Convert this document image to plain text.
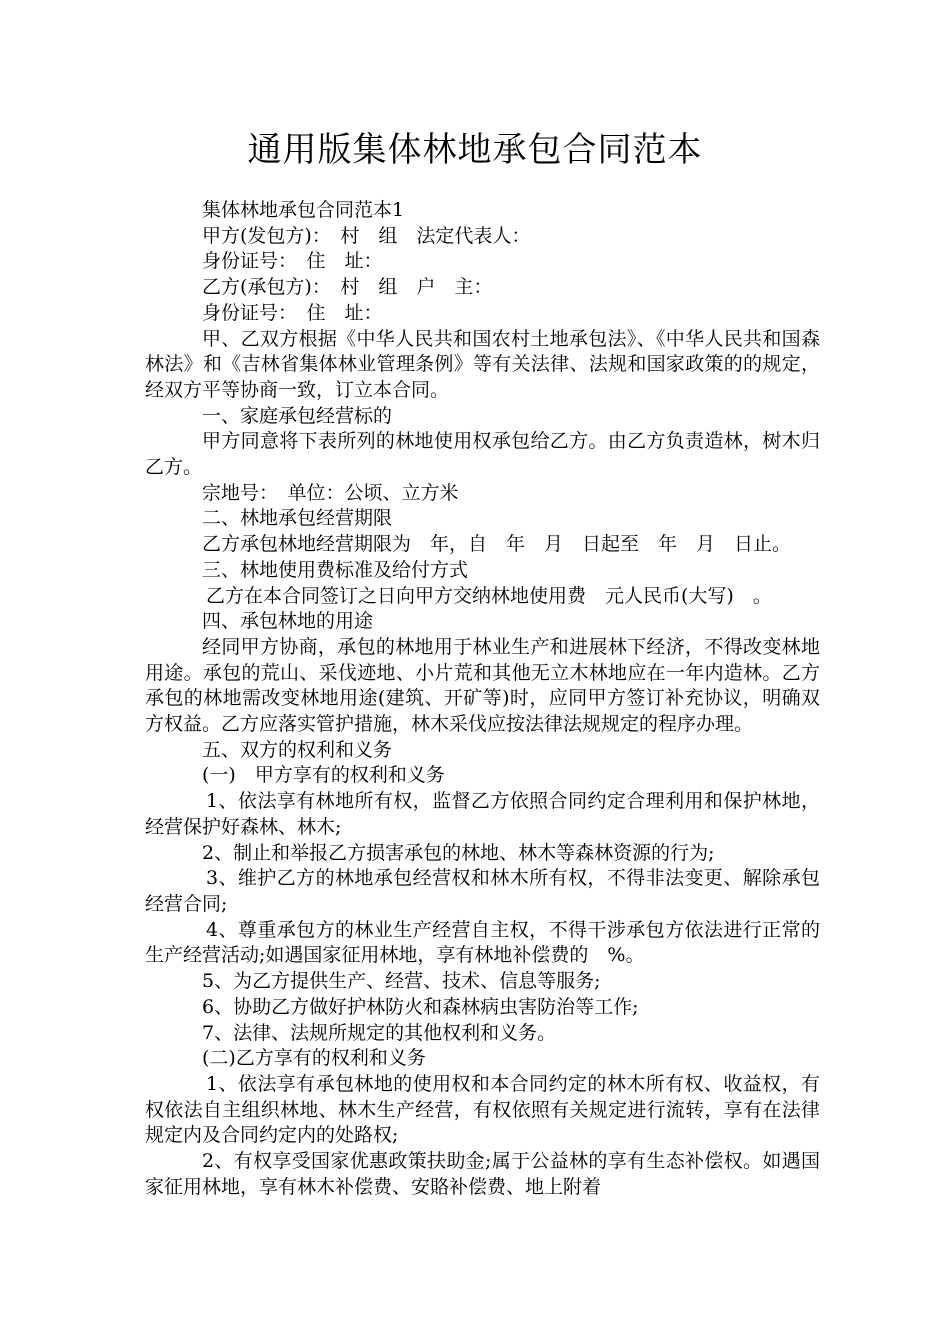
通用版集体林地承包合同范本

集体林地承包合同范本1

甲方(发包方)：　村　组　法定代表人：

身份证号：　住　址：

乙方(承包方)：　村　组　户　主：

身份证号：　住　址：

甲、乙双方根据《中华人民共和国农村土地承包法》、《中华人民共和国森林法》和《吉林省集体林业管理条例》等有关法律、法规和国家政策的的规定，经双方平等协商一致，订立本合同。

一、家庭承包经营标的

甲方同意将下表所列的林地使用权承包给乙方。由乙方负责造林，树木归乙方。

宗地号：　单位：公顷、立方米

二、林地承包经营期限

乙方承包林地经营期限为　年，自　年　月　日起至　年　月　日止。

三、林地使用费标准及给付方式

乙方在本合同签订之日向甲方交纳林地使用费　元人民币(大写)　。

四、承包林地的用途

经同甲方协商，承包的林地用于林业生产和进展林下经济，不得改变林地用途。承包的荒山、采伐迹地、小片荒和其他无立木林地应在一年内造林。乙方承包的林地需改变林地用途(建筑、开矿等)时，应同甲方签订补充协议，明确双方权益。乙方应落实管护措施，林木采伐应按法律法规规定的程序办理。

五、双方的权利和义务

(一)　甲方享有的权利和义务

1、依法享有林地所有权，监督乙方依照合同约定合理利用和保护林地，经营保护好森林、林木;

2、制止和举报乙方损害承包的林地、林木等森林资源的行为;

3、维护乙方的林地承包经营权和林木所有权，不得非法变更、解除承包经营合同;

4、尊重承包方的林业生产经营自主权，不得干涉承包方依法进行正常的生产经营活动;如遇国家征用林地，享有林地补偿费的　%。

5、为乙方提供生产、经营、技术、信息等服务;

6、协助乙方做好护林防火和森林病虫害防治等工作;

7、法律、法规所规定的其他权利和义务。

(二)乙方享有的权利和义务

1、依法享有承包林地的使用权和本合同约定的林木所有权、收益权，有权依法自主组织林地、林木生产经营，有权依照有关规定进行流转，享有在法律规定内及合同约定内的处路权;

2、有权享受国家优惠政策扶助金;属于公益林的享有生态补偿权。如遇国家征用林地，享有林木补偿费、安賂补偿费、地上附着
